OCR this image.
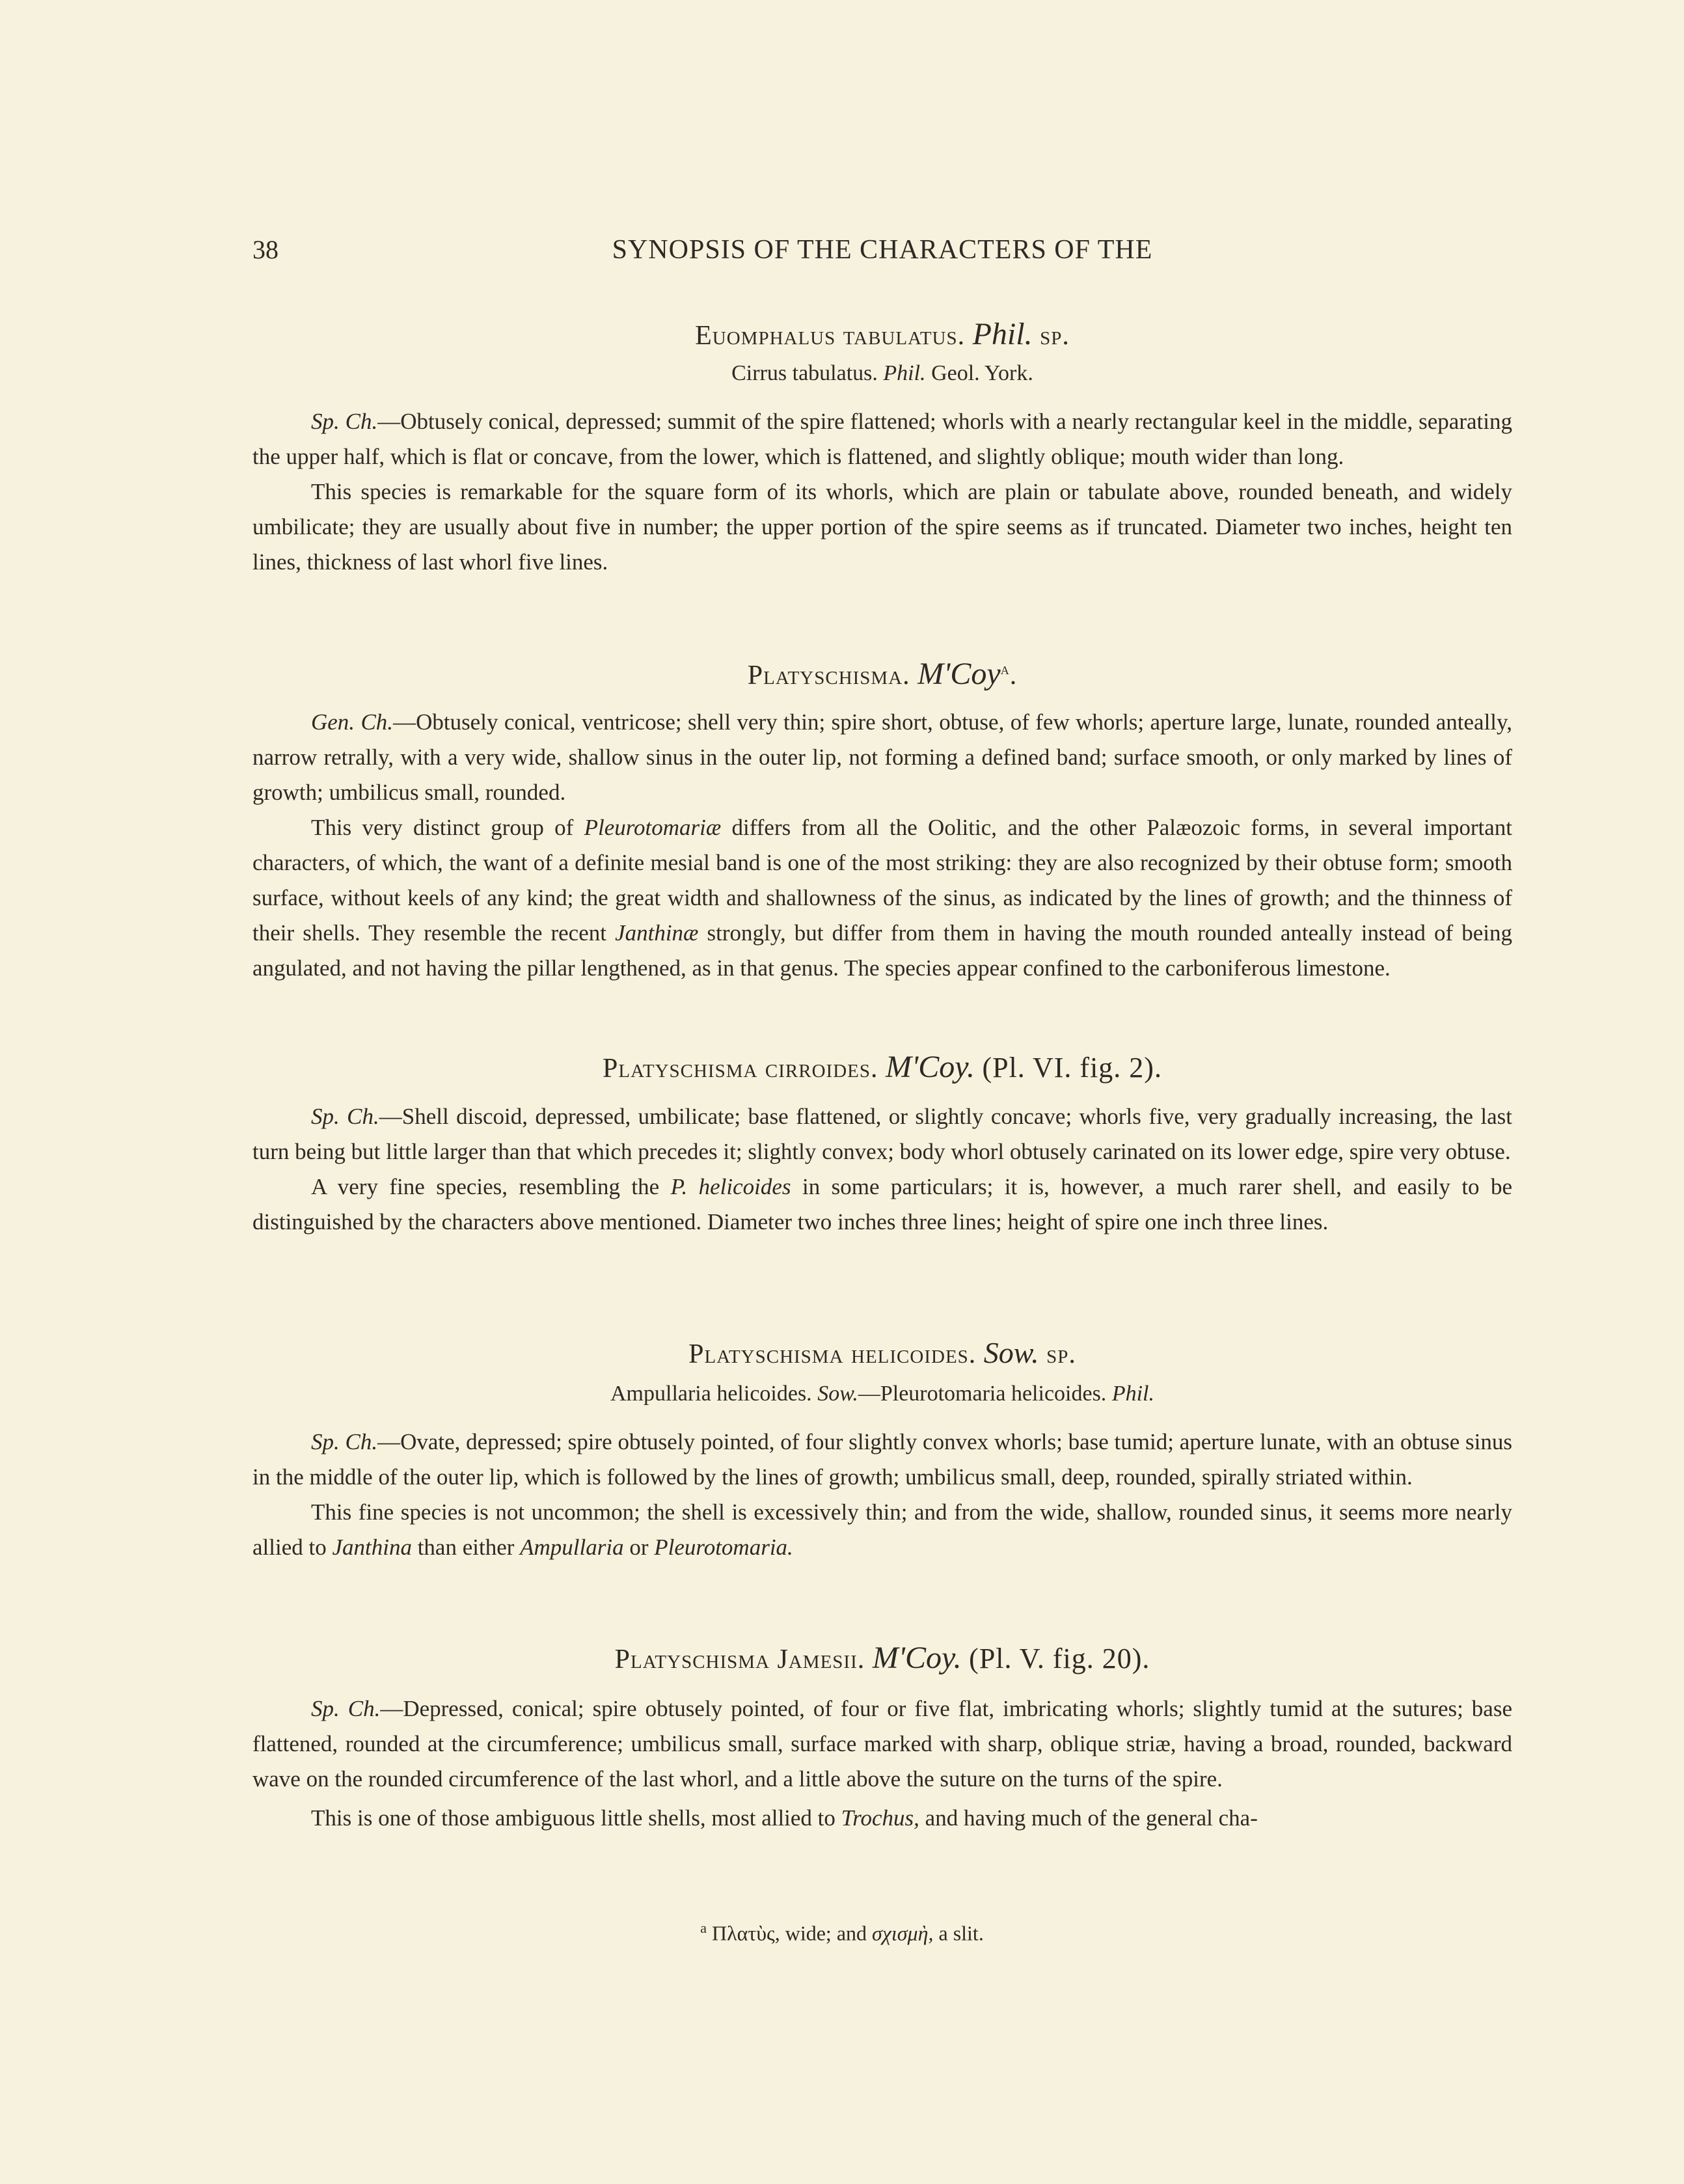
38	SYNOPSIS OF THE CHARACTERS OF THE
Euomphalus tabulatus. Phil. sp.
Cirrus tabulatus. Phil. Geol. York.

Sp. Ch.—Obtusely conical, depressed; summit of the spire flattened; whorls with a nearly rectangular keel in the middle, separating the upper half, which is flat or concave, from the lower, which is flattened, and slightly oblique; mouth wider than long.

This species is remarkable for the square form of its whorls, which are plain or tabulate above, rounded beneath, and widely umbilicate; they are usually about five in number; the upper portion of the spire seems as if truncated. Diameter two inches, height ten lines, thickness of last whorl five lines.

Platyschisma. M'Coy$^a$.

Gen. Ch.—Obtusely conical, ventricose; shell very thin; spire short, obtuse, of few whorls; aperture large, lunate, rounded anteally, narrow retrally, with a very wide, shallow sinus in the outer lip, not forming a defined band; surface smooth, or only marked by lines of growth; umbilicus small, rounded.

This very distinct group of Pleurotomariæ differs from all the Oolitic, and the other Palæozoic forms, in several important characters, of which, the want of a definite mesial band is one of the most striking: they are also recognized by their obtuse form; smooth surface, without keels of any kind; the great width and shallowness of the sinus, as indicated by the lines of growth; and the thinness of their shells. They resemble the recent Janthinæ strongly, but differ from them in having the mouth rounded anteally instead of being angulated, and not having the pillar lengthened, as in that genus. The species appear confined to the carboniferous limestone.

Platyschisma cirroides. M'Coy. (Pl. VI. fig. 2).

Sp. Ch.—Shell discoid, depressed, umbilicate; base flattened, or slightly concave; whorls five, very gradually increasing, the last turn being but little larger than that which precedes it; slightly convex; body whorl obtusely carinated on its lower edge, spire very obtuse.

A very fine species, resembling the P. helicoides in some particulars; it is, however, a much rarer shell, and easily to be distinguished by the characters above mentioned. Diameter two inches three lines; height of spire one inch three lines.

Platyschisma helicoides. Sow. sp.
Ampullaria helicoides. Sow.—Pleurotomaria helicoides. Phil.

Sp. Ch.—Ovate, depressed; spire obtusely pointed, of four slightly convex whorls; base tumid; aperture lunate, with an obtuse sinus in the middle of the outer lip, which is followed by the lines of growth; umbilicus small, deep, rounded, spirally striated within.

This fine species is not uncommon; the shell is excessively thin; and from the wide, shallow, rounded sinus, it seems more nearly allied to Janthina than either Ampullaria or Pleurotomaria.

Platyschisma Jamesii. M'Coy. (Pl. V. fig. 20).

Sp. Ch.—Depressed, conical; spire obtusely pointed, of four or five flat, imbricating whorls; slightly tumid at the sutures; base flattened, rounded at the circumference; umbilicus small, surface marked with sharp, oblique striæ, having a broad, rounded, backward wave on the rounded circumference of the last whorl, and a little above the suture on the turns of the spire.

This is one of those ambiguous little shells, most allied to Trochus, and having much of the general cha-

$^a$ Πλατὺς, wide; and σχισμὴ, a slit.
